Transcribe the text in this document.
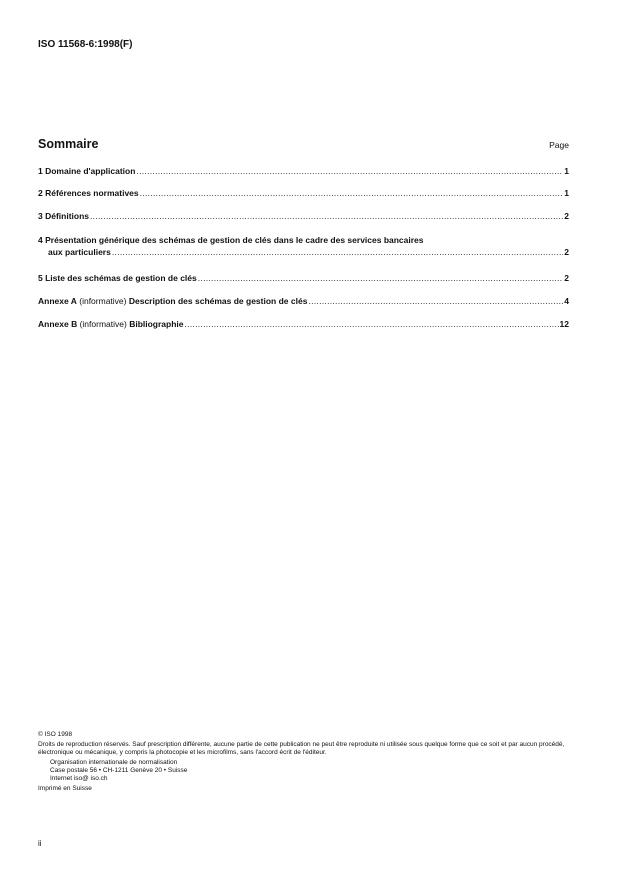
ISO 11568-6:1998(F)
Sommaire	Page
1 Domaine d'application .....	1
2 Références normatives .....	1
3 Définitions .....	2
4 Présentation générique des schémas de gestion de clés dans le cadre des services bancaires
aux particuliers .....	2
5 Liste des schémas de gestion de clés .....	2
Annexe A (informative) Description des schémas de gestion de clés .....	4
Annexe B (informative) Bibliographie .....	12
© ISO 1998
Droits de reproduction réservés. Sauf prescription différente, aucune partie de cette publication ne peut être reproduite ni utilisée sous quelque forme que ce soit et par aucun procédé, électronique ou mécanique, y compris la photocopie et les microfilms, sans l'accord écrit de l'éditeur.
Organisation internationale de normalisation
Case postale 56 • CH-1211 Genève 20 • Suisse
Internet iso@ iso.ch
Imprimé en Suisse
ii
